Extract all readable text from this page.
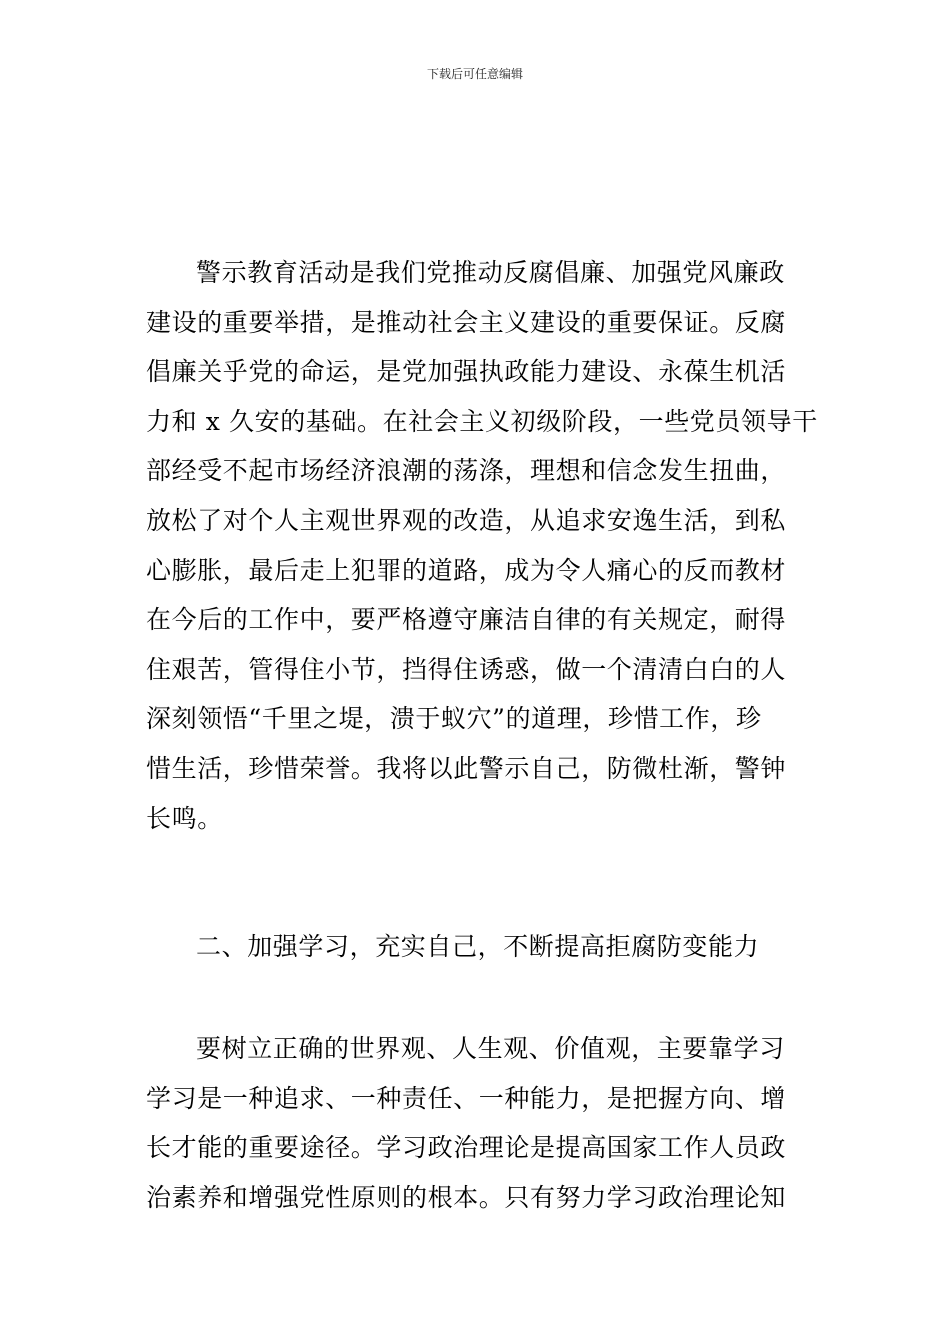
下载后可任意编辑
警示教育活动是我们党推动反腐倡廉、加强党风廉政
建设的重要举措，是推动社会主义建设的重要保证。反腐
倡廉关乎党的命运，是党加强执政能力建设、永葆生机活
力和 x 久安的基础。在社会主义初级阶段，一些党员领导干
部经受不起市场经济浪潮的荡涤，理想和信念发生扭曲，
放松了对个人主观世界观的改造，从追求安逸生活，到私
心膨胀，最后走上犯罪的道路，成为令人痛心的反而教材
在今后的工作中，要严格遵守廉洁自律的有关规定，耐得
住艰苦，管得住小节，挡得住诱惑，做一个清清白白的人
深刻领悟“千里之堤，溃于蚁穴”的道理，珍惜工作，珍
惜生活，珍惜荣誉。我将以此警示自己，防微杜渐，警钟
长鸣。
二、加强学习，充实自己，不断提高拒腐防变能力
要树立正确的世界观、人生观、价值观，主要靠学习
学习是一种追求、一种责任、一种能力，是把握方向、增
长才能的重要途径。学习政治理论是提高国家工作人员政
治素养和增强党性原则的根本。只有努力学习政治理论知
